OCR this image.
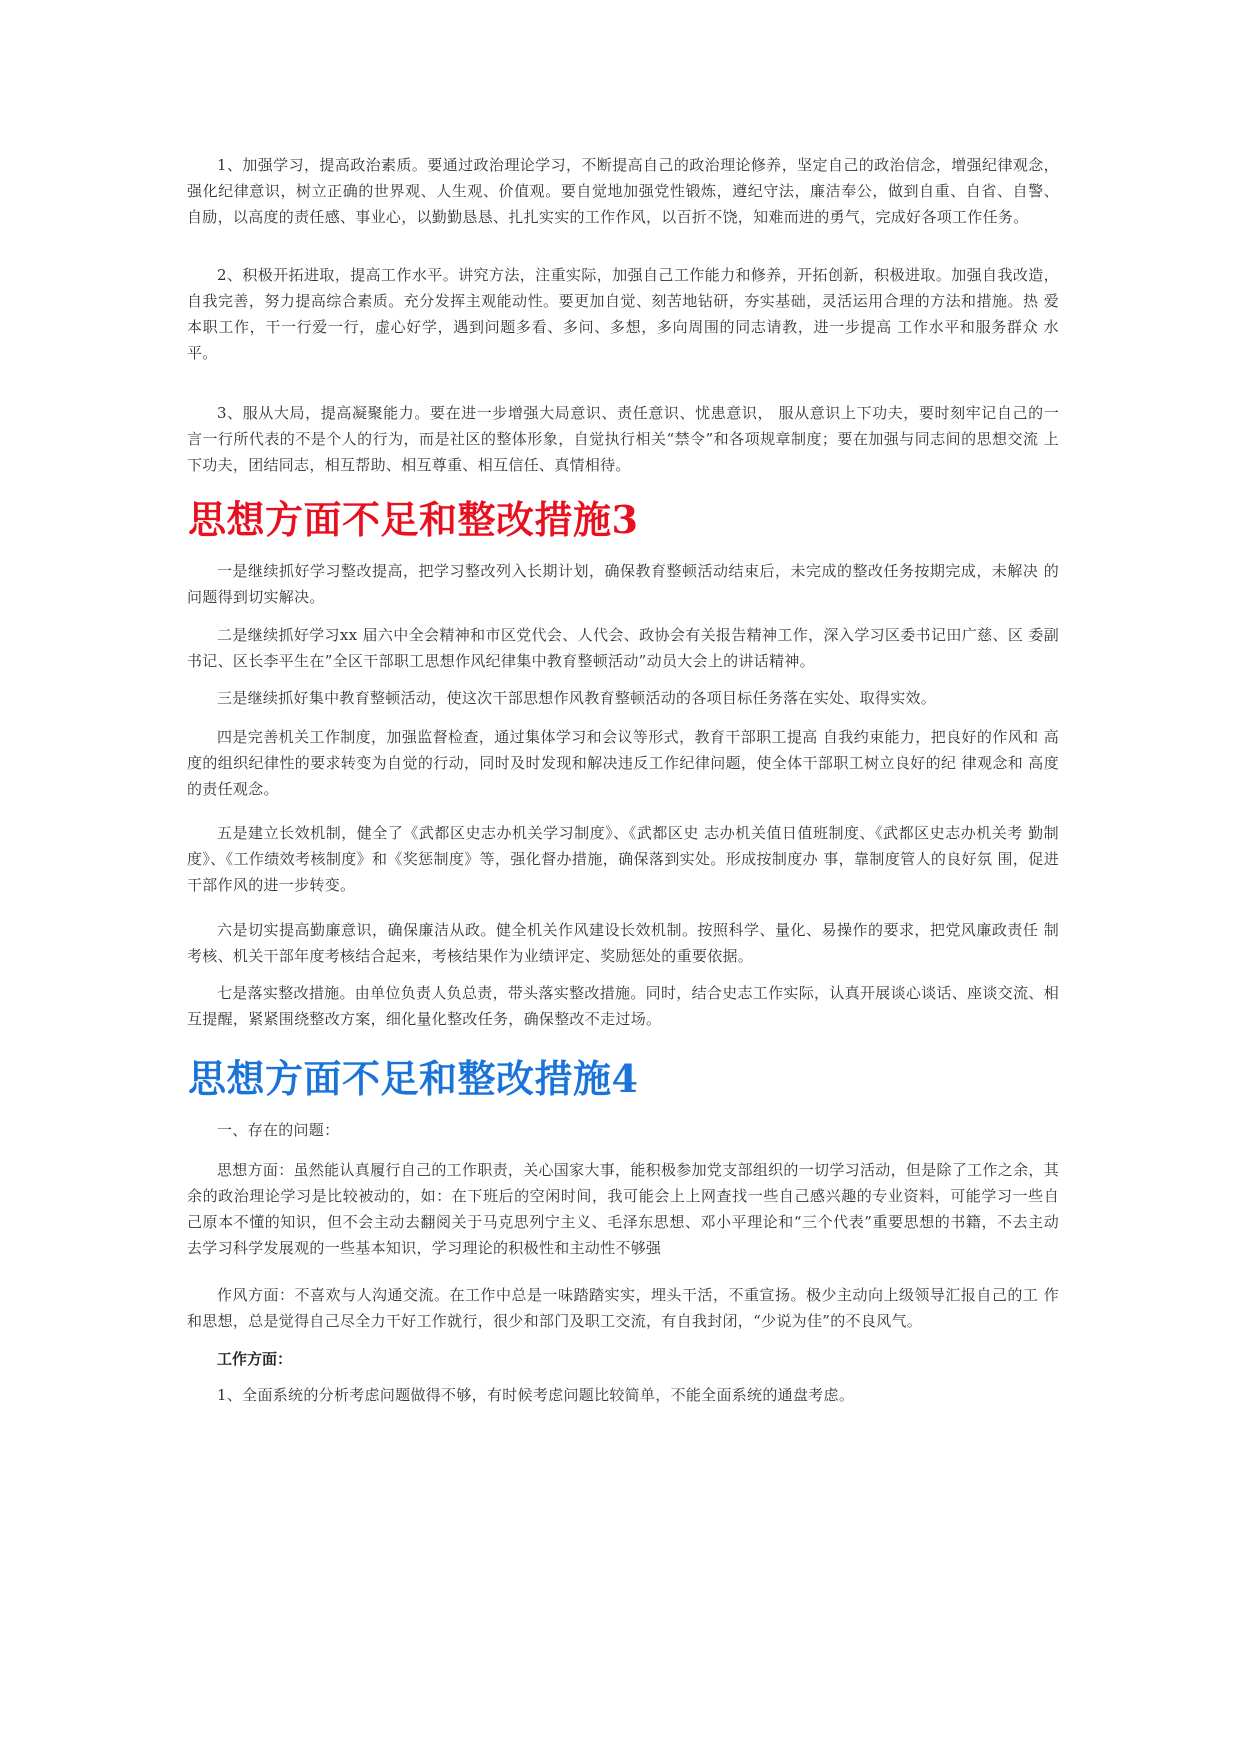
1、加强学习，提高政治素质。要通过政治理论学习，不断提高自己的政治理论修养，坚定自己的政治信念，增强纪律观念， 强化纪律意识，树立正确的世界观、人生观、价值观。要自觉地加强党性锻炼，遵纪守法，廉洁奉公，做到自重、自省、自警、 自励，以高度的责任感、事业心，以勤勤恳恳、扎扎实实的工作作风，以百折不饶，知难而进的勇气，完成好各项工作任务。

2、积极开拓进取，提高工作水平。讲究方法，注重实际，加强自己工作能力和修养，开拓创新，积极进取。加强自我改造， 自我完善，努力提高综合素质。充分发挥主观能动性。要更加自觉、刻苦地钻研，夯实基础，灵活运用合理的方法和措施。热 爱本职工作，干一行爱一行，虚心好学，遇到问题多看、多问、多想，多向周围的同志请教，进一步提高 工作水平和服务群众 水平。

3、服从大局，提高凝聚能力。要在进一步增强大局意识、责任意识、忧患意识， 服从意识上下功夫，要时刻牢记自己的一 言一行所代表的不是个人的行为，而是社区的整体形象，自觉执行相关“禁令”和各项规章制度；要在加强与同志间的思想交流 上下功夫，团结同志，相互帮助、相互尊重、相互信任、真情相待。

思想方面不足和整改措施3

一是继续抓好学习整改提高，把学习整改列入长期计划，确保教育整顿活动结束后，未完成的整改任务按期完成，未解决 的问题得到切实解决。

二是继续抓好学习xx 届六中全会精神和市区党代会、人代会、政协会有关报告精神工作，深入学习区委书记田广慈、区 委副书记、区长李平生在”全区干部职工思想作风纪律集中教育整顿活动”动员大会上的讲话精神。

三是继续抓好集中教育整顿活动，使这次干部思想作风教育整顿活动的各项目标任务落在实处、取得实效。

四是完善机关工作制度，加强监督检查，通过集体学习和会议等形式，教育干部职工提高 自我约束能力，把良好的作风和 高度的组织纪律性的要求转变为自觉的行动，同时及时发现和解决违反工作纪律问题，使全体干部职工树立良好的纪 律观念和 高度的责任观念。

五是建立长效机制，健全了《武都区史志办机关学习制度》、《武都区史 志办机关值日值班制度、《武都区史志办机关考 勤制度》、《工作绩效考核制度》和《奖惩制度》等，强化督办措施，确保落到实处。形成按制度办 事，靠制度管人的良好氛 围，促进干部作风的进一步转变。

六是切实提高勤廉意识，确保廉洁从政。健全机关作风建设长效机制。按照科学、量化、易操作的要求，把党风廉政责任 制考核、机关干部年度考核结合起来，考核结果作为业绩评定、奖励惩处的重要依据。

七是落实整改措施。由单位负责人负总责，带头落实整改措施。同时，结合史志工作实际，认真开展谈心谈话、座谈交流、相互提醒，紧紧围绕整改方案，细化量化整改任务，确保整改不走过场。

思想方面不足和整改措施4

一、存在的问题：

思想方面：虽然能认真履行自己的工作职责，关心国家大事，能积极参加党支部组织的一切学习活动，但是除了工作之余，其余的政治理论学习是比较被动的，如：在下班后的空闲时间，我可能会上上网查找一些自己感兴趣的专业资料，可能学习一些自己原本不懂的知识，但不会主动去翻阅关于马克思列宁主义、毛泽东思想、邓小平理论和“三个代表”重要思想的书籍，不去主动去学习科学发展观的一些基本知识，学习理论的积极性和主动性不够强

作风方面：不喜欢与人沟通交流。在工作中总是一味踏踏实实，埋头干活，不重宣扬。极少主动向上级领导汇报自己的工 作和思想，总是觉得自己尽全力干好工作就行，很少和部门及职工交流，有自我封闭，“少说为佳”的不良风气。

工作方面：

1、全面系统的分析考虑问题做得不够，有时候考虑问题比较简单，不能全面系统的通盘考虑。
